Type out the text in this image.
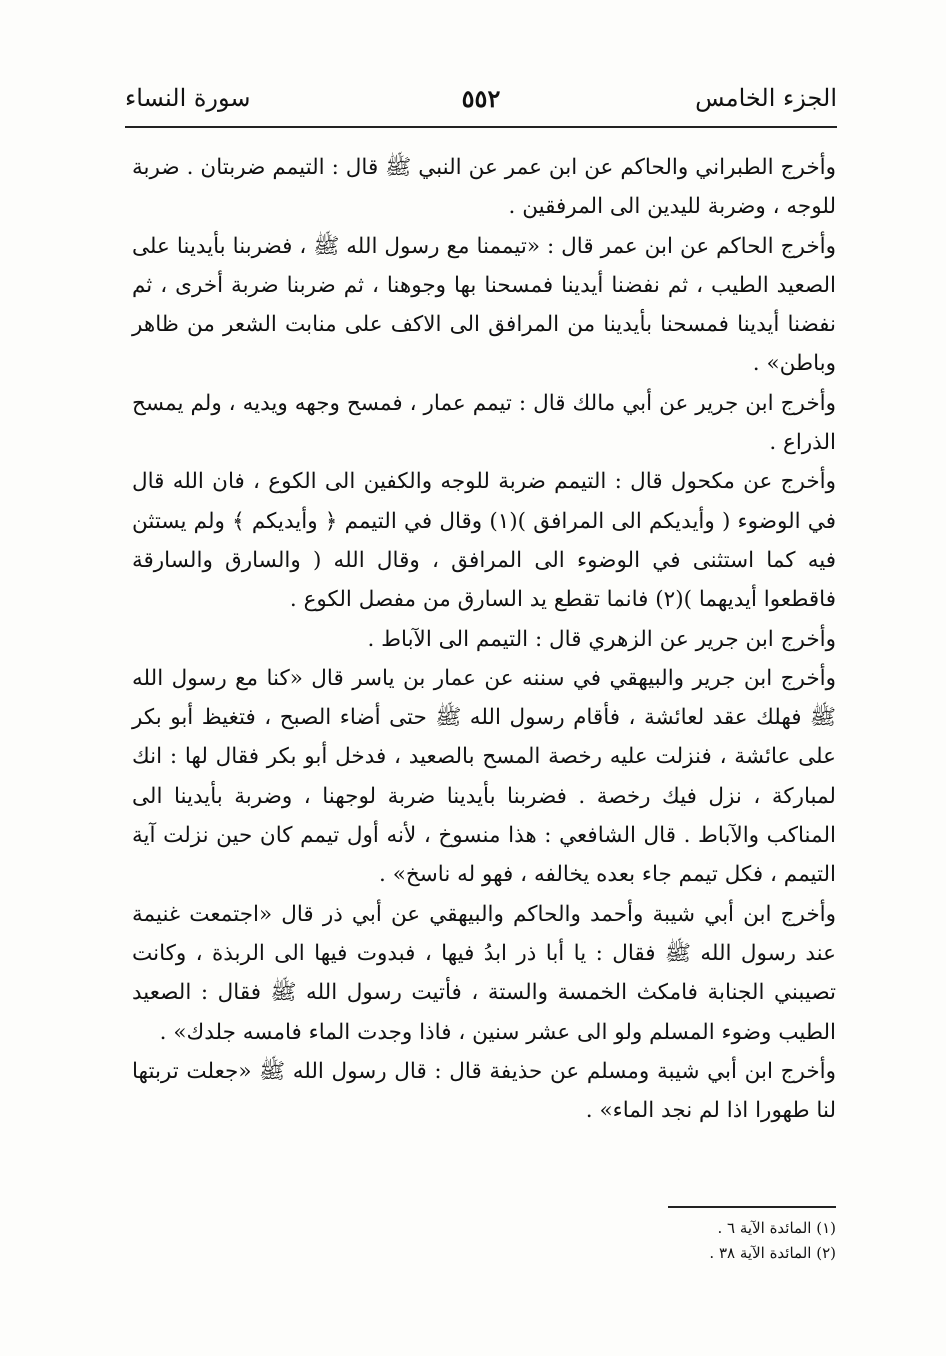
الجزء الخامس
٥٥٢
سورة النساء

وأخرج الطبراني والحاكم عن ابن عمر عن النبي ﷺ قال : التيمم ضربتان . ضربة للوجه ، وضربة لليدين الى المرفقين .

وأخرج الحاكم عن ابن عمر قال : «تيممنا مع رسول الله ﷺ ، فضربنا بأيدينا على الصعيد الطيب ، ثم نفضنا أيدينا فمسحنا بها وجوهنا ، ثم ضربنا ضربة أخرى ، ثم نفضنا أيدينا فمسحنا بأيدينا من المرافق الى الاكف على منابت الشعر من ظاهر وباطن» .

وأخرج ابن جرير عن أبي مالك قال : تيمم عمار ، فمسح وجهه ويديه ، ولم يمسح الذراع .

وأخرج عن مكحول قال : التيمم ضربة للوجه والكفين الى الكوع ، فان الله قال في الوضوء ( وأيديكم الى المرافق )(١) وقال في التيمم ﴿ وأيديكم ﴾ ولم يستثن فيه كما استثنى في الوضوء الى المرافق ، وقال الله ( والسارق والسارقة فاقطعوا أيديهما )(٢) فانما تقطع يد السارق من مفصل الكوع .

وأخرج ابن جرير عن الزهري قال : التيمم الى الآباط .

وأخرج ابن جرير والبيهقي في سننه عن عمار بن ياسر قال «كنا مع رسول الله ﷺ فهلك عقد لعائشة ، فأقام رسول الله ﷺ حتى أضاء الصبح ، فتغيظ أبو بكر على عائشة ، فنزلت عليه رخصة المسح بالصعيد ، فدخل أبو بكر فقال لها : انك لمباركة ، نزل فيك رخصة . فضربنا بأيدينا ضربة لوجهنا ، وضربة بأيدينا الى المناكب والآباط . قال الشافعي : هذا منسوخ ، لأنه أول تيمم كان حين نزلت آية التيمم ، فكل تيمم جاء بعده يخالفه ، فهو له ناسخ» .

وأخرج ابن أبي شيبة وأحمد والحاكم والبيهقي عن أبي ذر قال «اجتمعت غنيمة عند رسول الله ﷺ فقال : يا أبا ذر ابدُ فيها ، فبدوت فيها الى الربذة ، وكانت تصيبني الجنابة فامكث الخمسة والستة ، فأتيت رسول الله ﷺ فقال : الصعيد الطيب وضوء المسلم ولو الى عشر سنين ، فاذا وجدت الماء فامسه جلدك» .

وأخرج ابن أبي شيبة ومسلم عن حذيفة قال : قال رسول الله ﷺ «جعلت تربتها لنا طهورا اذا لم نجد الماء» .

(١) المائدة الآية ٦ .
(٢) المائدة الآية ٣٨ .
